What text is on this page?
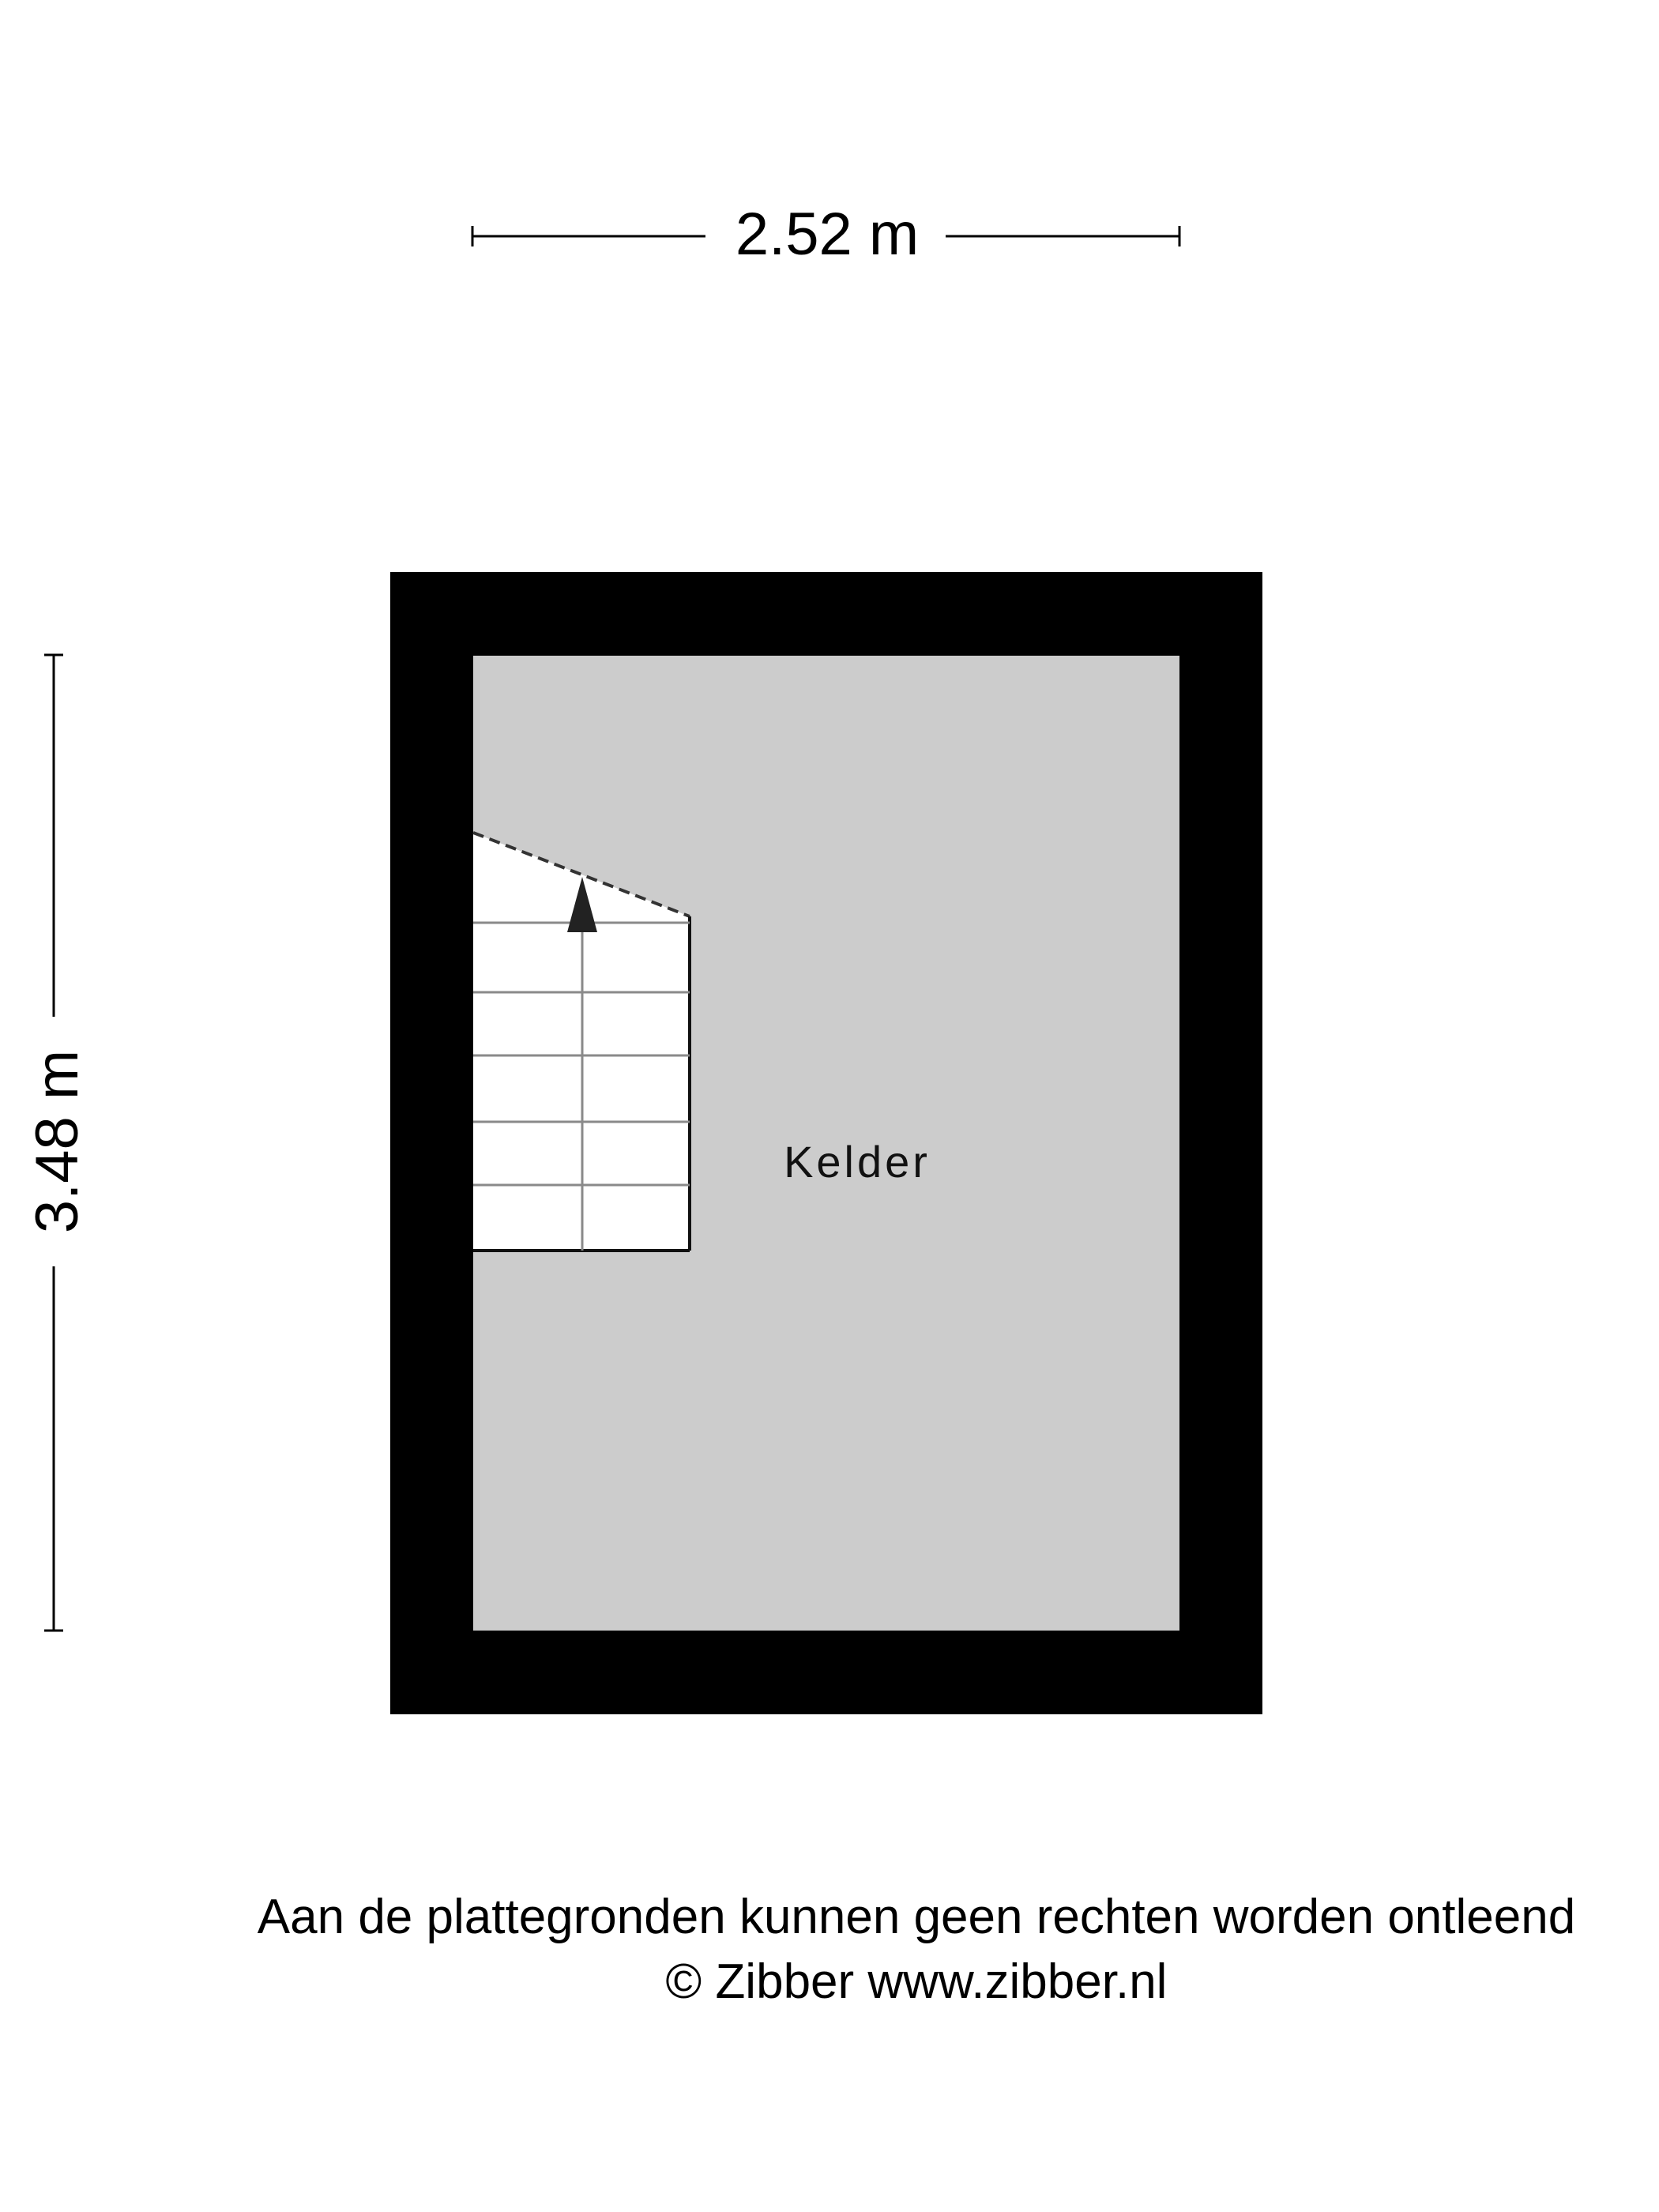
2.52 m
3.48 m	Kelder
Aan de plattegronden kunnen geen rechten worden ontleend
© Zibber www.zibber.nl
